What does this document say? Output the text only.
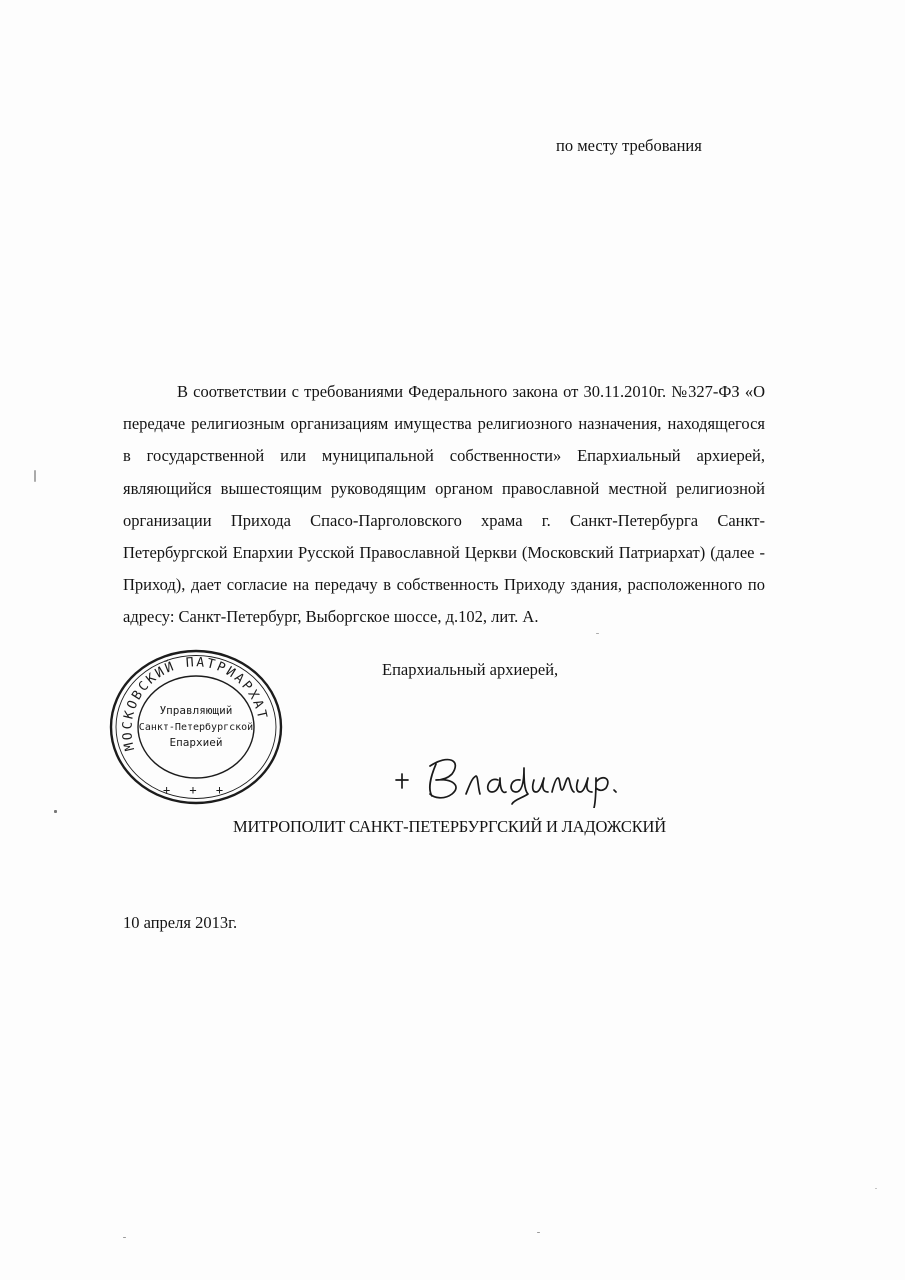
по месту требования

В соответствии с требованиями Федерального закона от 30.11.2010г. №327-ФЗ «О передаче религиозным организациям имущества религиозного назначения, находящегося в государственной или муниципальной собственности» Епархиальный архиерей, являющийся вышестоящим руководящим органом православной местной религиозной организации Прихода Спасо-Парголовского храма г. Санкт-Петербурга Санкт-Петербургской Епархии Русской Православной Церкви (Московский Патриархат) (далее - Приход), дает согласие на передачу в собственность Приходу здания, расположенного по адресу: Санкт-Петербург, Выборгское шоссе, д.102, лит. А.

Епархиальный архиерей,
МОСКОВСКИЙ ПАТРИАРХАТ
Управляющий
Санкт-Петербургской
Епархией
+ + +
МИТРОПОЛИТ САНКТ-ПЕТЕРБУРГСКИЙ И ЛАДОЖСКИЙ
10 апреля 2013г.
